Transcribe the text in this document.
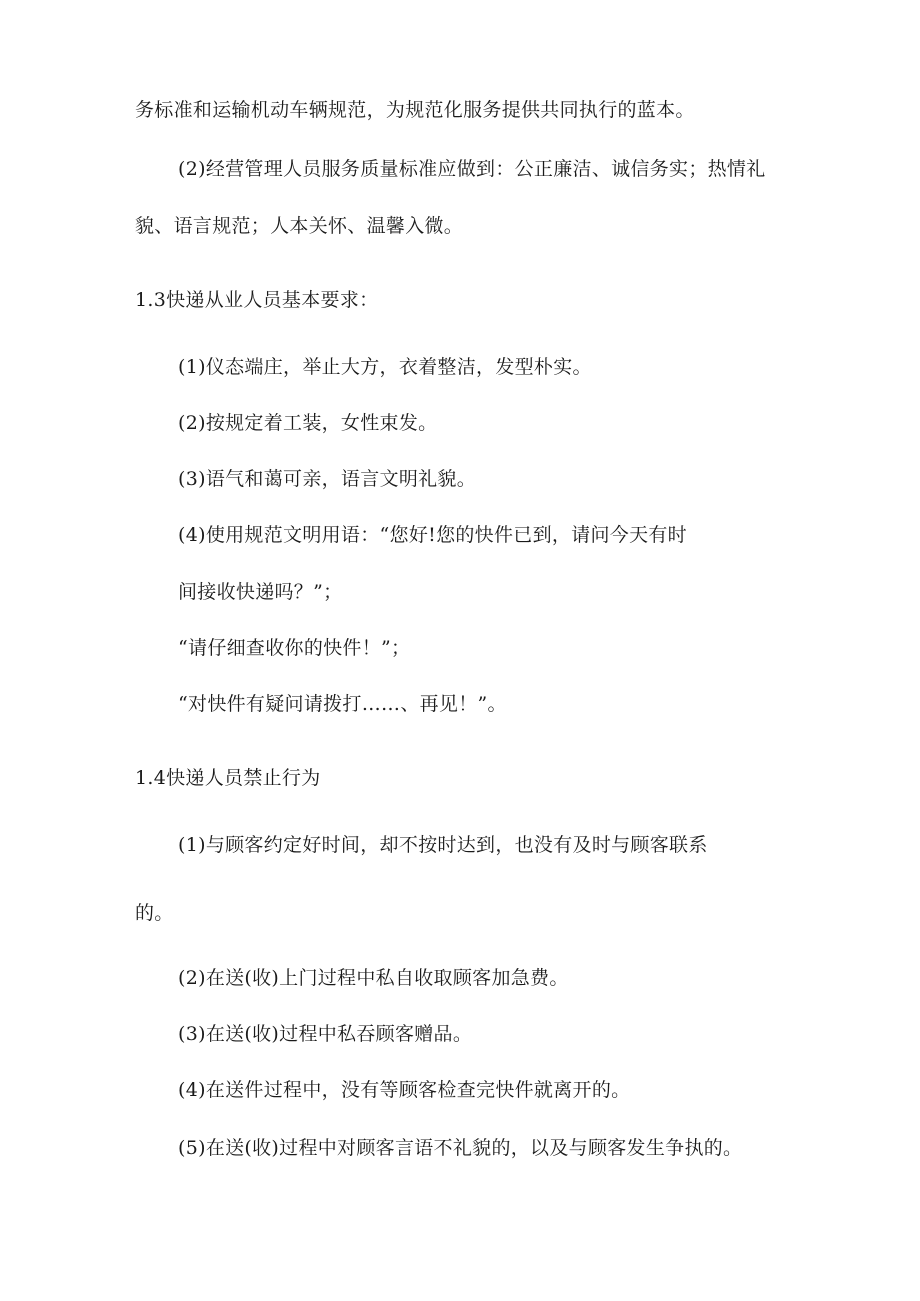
务标准和运输机动车辆规范，为规范化服务提供共同执行的蓝本。
(2)经营管理人员服务质量标准应做到：公正廉洁、诚信务实；热情礼
貌、语言规范；人本关怀、温馨入微。
1.3快递从业人员基本要求：
(1)仪态端庄，举止大方，衣着整洁，发型朴实。
(2)按规定着工装，女性束发。
(3)语气和蔼可亲，语言文明礼貌。
(4)使用规范文明用语：“您好!您的快件已到，请问今天有时
间接收快递吗？”；
“请仔细查收你的快件！”；
“对快件有疑问请拨打……、再见！”。
1.4快递人员禁止行为
(1)与顾客约定好时间，却不按时达到，也没有及时与顾客联系
的。
(2)在送(收)上门过程中私自收取顾客加急费。
(3)在送(收)过程中私吞顾客赠品。
(4)在送件过程中，没有等顾客检查完快件就离开的。
(5)在送(收)过程中对顾客言语不礼貌的，以及与顾客发生争执的。
